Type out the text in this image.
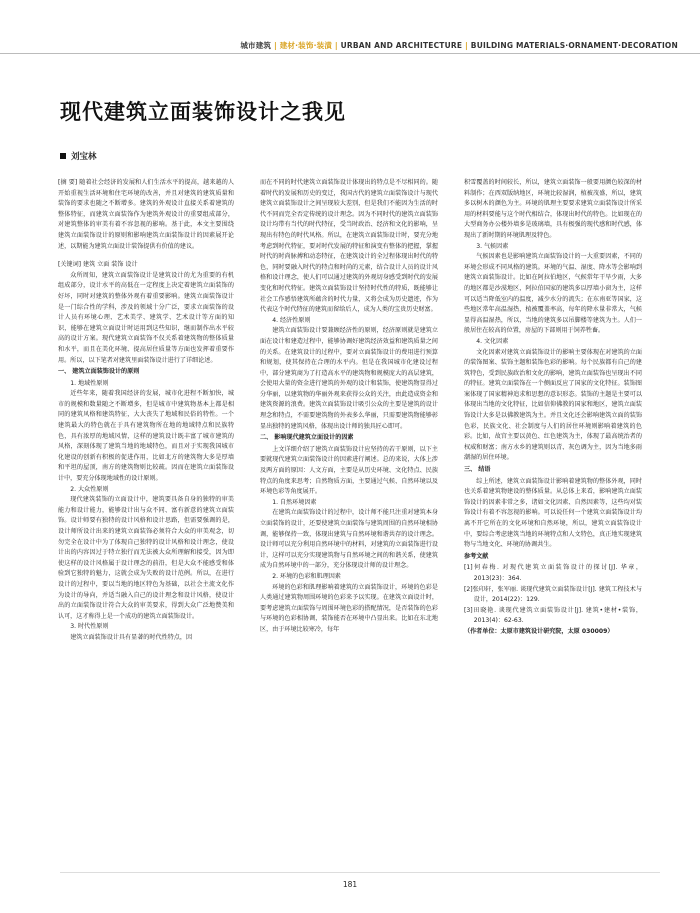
城市建筑 | 建材·装饰·装潢 | URBAN AND ARCHITECTURE | BUILDING MATERIALS·ORNAMENT·DECORATION
现代建筑立面装饰设计之我见
刘宝林

[摘 要] 随着社会经济的发展和人们生活水平的提高，越来越的人开始重视生活环境和住宅环境的改善，并且对建筑的建筑质量和装饰的要求也随之不断增多。建筑的外观设计直接关系着建筑的整体特征，而建筑立面装饰作为建筑外观设计的重要组成部分，对建筑整体的审美有着不容忽视的影响。基于此，本文主要围绕建筑立面装饰设计的原则和影响建筑立面装饰设计的因素展开论述，以期能为建筑立面设计装饰提供有价值的建议。

[关键词] 建筑 立面 装饰 设计

众所周知，建筑立面装饰设计是建筑设计的尤为重要的有机组成部分，设计水平的高低在一定程度上决定着建筑立面装饰的好坏，同时对建筑的整体外观有着重要影响。建筑立面装饰设计是一门综合性的学科，涉及的领域十分广泛，要求立面装饰的设计人员有环境心理、艺术美学、建筑学、艺术设计等方面的知识，能够在建筑立面设计时运用到这些知识，继而制作出水平较高的设计方案。现代建筑立面装饰不仅关系着建筑物的整体质量和水平，而且在美化环境、提高居住质量等方面也发挥着重要作用。所以，以下笔者对建筑里面装饰设计进行了详细论述。

一、 建筑立面装饰设计的原则

1. 地域性原则

近些年来，随着我国经济的发展，城市化进程不断加快，城市的规模和数量随之不断增多，但是城市中建筑物基本上都是相同的建筑风格和建筑特征，大大丧失了地域和民俗的特性。一个建筑最大的特色就在于具有建筑物所在地的地域特点和民族特色，具有浓厚的地域风情，这样的建筑设计既丰富了城市建筑的风格，深刻体现了建筑当地的地域特色，而且对于实现我国城市化建设的创新有积极的促进作用，比如北方的建筑物大多是厚墙和平坦的屋顶，南方的建筑物则比较疏。因而在建筑立面装饰设计中，要充分体现地域性的设计原则。

2. 大众性原则

现代建筑装饰的立面设计中，建筑要具备自身的独特的审美能力和设计能力，能够设计出与众不同、富有新意的建筑立面装饰。设计师要有独特的设计风格和设计思路，但需要强调的是，设计师所设计出来的建筑立面装饰必须符合大众的审美观念，切勿完全在设计中为了体现自己独特的设计风格和设计理念，使设计出的内容因过于特立独行而无法被大众所理解和接受，因为即使这样的设计风格属于设计理念的前沿，但是大众不能感受和体验到它独特的魅力，这就会成为失败的设计范例。所以，在进行设计的过程中，要以当地的地区特色为基础，以社会主流文化作为设计的导向，并适当融入自己的设计理念和设计风格，使设计出的立面装饰设计符合大众的审美要求，得到大众广泛地赞美和认可，这才称得上是一个成功的建筑立面装饰设计。

3. 时代性原则

建筑立面装饰设计具有显著的时代性特点，因

而在不同的时代建筑立面装饰设计体现出的特点是不尽相同的。随着时代的发展和历史的变迁，我国古代的建筑立面装饰设计与现代建筑立面装饰设计之间呈现较大差别，但是我们不能因为生活的时代不同而完全否定传统的设计理念。因为不同时代的建筑立面装饰设计均带有当代的时代特征，受当时政治、经济和文化的影响，呈现出有特色的时代风格。所以，在建筑立面装饰设计时，要充分地考虑到时代特征，要对时代发展的特征和演变有整体的把握，掌握时代的时尚脉搏和动态特征，在建筑设计的全过程体现出时代的特色，同时要融入时代的特点和时尚的元素，结合设计人员的设计风格和设计理念，使人们可以通过建筑的外观切身感受到时代的发展变化和时代特征。建筑立面装饰设计坚持时代性的特质，既能够让社会工作感悟建筑所蕴含的时代力量，又将会成为历史遗迹，作为代表这个时代特征的建筑而留给后人，成为人类的宝贵历史财富。

4. 经济性原则

建筑立面装饰设计要兼顾经济性的原则，经济原则就是建筑立面在设计和建造过程中，能够协调好建筑经济效益和建筑质量之间的关系。在建筑设计的过程中，要对立面装饰设计的费用进行预算和规划，使其保持在合理的水平内。但是在我国城市化建设过程中，部分建筑商为了打造高水平的建筑物和规模庞大的高层建筑，会使用大量的资金进行建筑的外观的设计和装饰，使建筑物显得过分华丽，以建筑物的华丽外观来获得公众的关注，由此造成资金和建筑资源的浪费。建筑立面装饰设计吸引公众的主要是建筑的设计理念和特点，不需要建筑物的外表多么华丽，只需要建筑物能够彰显出独特的建筑风格，体现出设计师的独具匠心即可。

二、 影响现代建筑立面设计的因素

上文详细介绍了建筑立面装饰设计应坚持的若干原则，以下主要就现代建筑立面装饰设计的因素进行阐述。总的来说，大体上涉及两方面的原因：人文方面，主要是从历史环境、文化特点、民族特点的角度来思考；自然物质方面，主要通过气候、自然环境以及环境色彩等角度展开。

1. 自然环境因素

在建筑立面装饰设计的过程中，设计师不能只注重对建筑本身立面装饰的设计，还要使建筑立面装饰与建筑周围的自然环境相协调，能够保持一致，体现出建筑与自然环境和谐共存的设计理念。设计师可以充分利用自然环境中的材料，对建筑的立面装饰进行设计，这样可以充分实现建筑物与自然环境之间的和谐关系，使建筑成为自然环境中的一部分，充分体现设计师的设计理念。

2. 环境的色彩和肌理因素

环境的色彩和肌理影响着建筑的立面装饰设计，环境的色彩是人类通过建筑物周围环境的色彩来予以实现。在建筑立面设计时，要考虑建筑立面装饰与周围环境色彩的搭配情况，是否装饰的色彩与环境的色彩相协调，装饰能否在环境中凸显出来。比如在东北地区，由于环境比较寒冷，每年

积雪覆盖的时间较长，所以，建筑立面装饰一般要用颜色较深的材料制作；在西双版纳地区，环境比较湿润，植被茂盛，所以，建筑多以树木的颜色为主。环境的肌理主要要求建筑立面装饰设计所采用的材料要能与这个时代相结合，体现出时代的特色。比如现在的大型商务办公楼外墙多是玻璃墙，具有极强的现代感和时代感，体现出了新时期的环境肌理及特色。

3. 气候因素

气候因素也是影响建筑立面装饰设计的一大重要因素，不同的环境会形成不同风格的建筑。环境的气温、湿度、降水等会影响到建筑立面装饰设计。比如在阿拉伯地区，气候常年干旱少雨，大多的地区都是沙漠地区，阿拉伯国家的建筑多以厚墙小窗为主，这样可以适当降低室内的温度，减少水分的流失；在东南亚等国家，这些地区常年高温湿热，植被覆盖率高，每年的降水量非常大，气候显得高温湿热，所以，当地的建筑多以吊脚楼等建筑为主。人们一般居住在较高的位置，房屋的下部则用于饲养牲畜。

4. 文化因素

文化因素对建筑立面装饰设计的影响主要体现在对建筑的立面的装饰图案、装饰主题和装饰色彩的影响。每个民族都有自己的建筑特色，受到民族政治和文化的影响，建筑立面装饰也呈现出不同的特征。建筑立面装饰在一个侧面反应了国家的文化特征。装饰图案体现了国家精神追求和思想的意识形态。装饰的主题是主要可以体现出当地的文化特征，比如信仰佛教的国家和地区，建筑立面装饰设计大多是以佛教建筑为主。并且文化还会影响建筑立面的装饰色彩，民族文化、社会制度与人们的居住环境则影响着建筑的色彩。比如，故宫主要以黄色、红色建筑为主，体现了最高统治者的权威和财富；南方水乡的建筑则以青、灰色调为主，因为当地多雨潮湿的居住环境。

三、 结语

综上所述，建筑立面装饰设计影响着建筑物的整体外观，同时也关系着建筑物建设的整体质量。从总体上来看，影响建筑立面装饰设计的因素非常之多，诸如文化因素、自然因素等，这些均对装饰设计有着不容忽视的影响。可以说任何一个建筑立面装饰设计均离不开它所在的文化环境和自然环境，所以，建筑立面装饰设计中，要综合考虑建筑当地的环境特点和人文特色，真正地实现建筑物与当地文化、环境的协调共生。

参考文献

[1]何春梅. 对现代建筑立面装饰设计的探讨[J]. 华章，2013(23)：364.

[2]张印轩，张军丽. 谈现代建筑立面装饰设计[J]. 建筑工程技术与设计，2014(22)：129.

[3]田晓艳. 谈现代建筑立面装饰设计[J]. 建筑•建材•装饰，2013(4)：62-63.

（作者单位：太原市建筑设计研究院，太原 030009）

181
